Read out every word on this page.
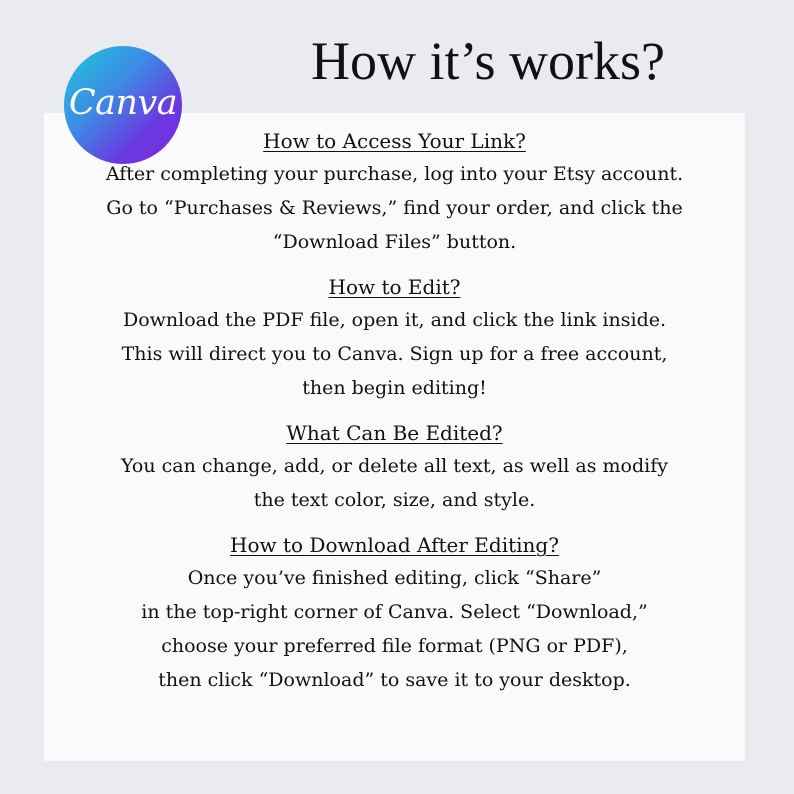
Canva
How it’s works?
How to Access Your Link?
After completing your purchase, log into your Etsy account.
Go to “Purchases & Reviews,” find your order, and click the
“Download Files” button.
How to Edit?
Download the PDF file, open it, and click the link inside.
This will direct you to Canva. Sign up for a free account,
then begin editing!
What Can Be Edited?
You can change, add, or delete all text, as well as modify
the text color, size, and style.
How to Download After Editing?
Once you’ve finished editing, click “Share”
in the top-right corner of Canva. Select “Download,”
choose your preferred file format (PNG or PDF),
then click “Download” to save it to your desktop.
